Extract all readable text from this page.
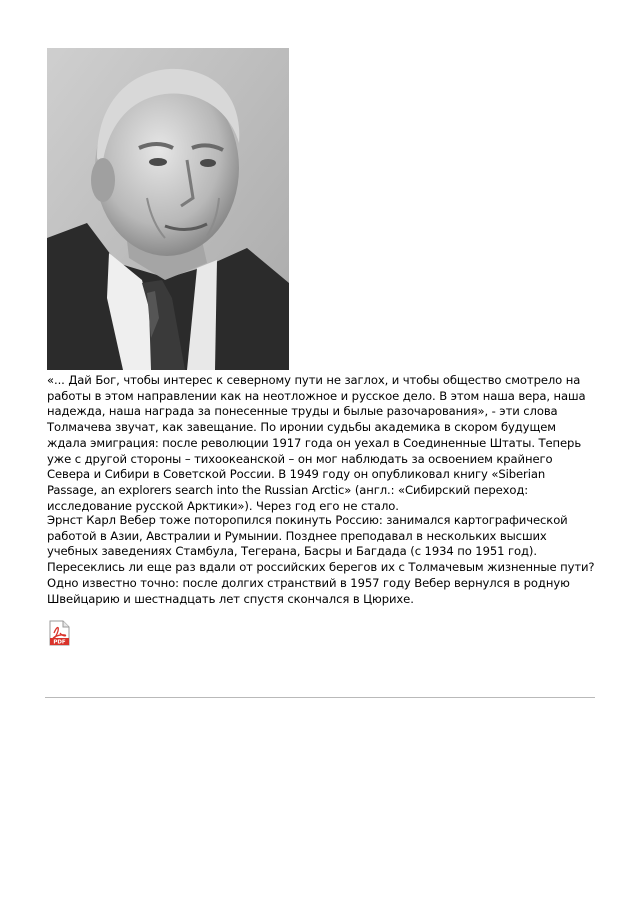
«... Дай Бог, чтобы интерес к северному пути не заглох, и чтобы общество смотрело на работы в этом направлении как на неотложное и русское дело. В этом наша вера, наша надежда, наша награда за понесенные труды и былые разочарования», - эти слова Толмачева звучат, как завещание. По иронии судьбы академика в скором будущем ждала эмиграция: после революции 1917 года он уехал в Соединенные Штаты. Теперь уже с другой стороны – тихоокеанской – он мог наблюдать за освоением крайнего Севера и Сибири в Советской России. В 1949 году он опубликовал книгу «Siberian Passage, an explorers search into the Russian Arctic» (англ.: «Сибирский переход: исследование русской Арктики»). Через год его не стало.

Эрнст Карл Вебер тоже поторопился покинуть Россию: занимался картографической работой в Азии, Австралии и Румынии. Позднее преподавал в нескольких высших учебных заведениях Стамбула, Тегерана, Басры и Багдада (с 1934 по 1951 год). Пересеклись ли еще раз вдали от российских берегов их с Толмачевым жизненные пути? Одно известно точно: после долгих странствий в 1957 году Вебер вернулся в родную Швейцарию и шестнадцать лет спустя скончался в Цюрихе.

PDF
